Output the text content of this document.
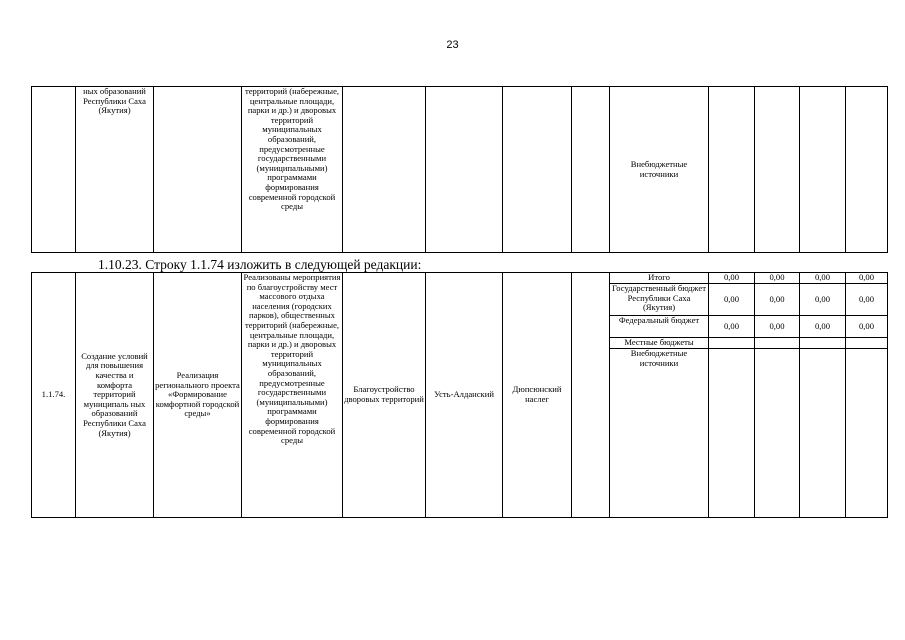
23
	ных образований Республики Саха (Якутия)		территорий (набережные, центральные площади, парки и др.) и дворовых территорий муниципальных образований, предусмотренные государственными (муниципальными) программами формирования современной городской среды					Внебюджетные источники				
1.10.23. Строку 1.1.74 изложить в следующей редакции:
1.1.74.	Создание условий для повышения качества и комфорта территорий муниципаль ных образований Республики Саха (Якутия)	Реализация регионального проекта «Формирование комфортной городской среды»	Реализованы мероприятия по благоустройству мест массового отдыха населения (городских парков), общественных территорий (набережные, центральные площади, парки и др.) и дворовых территорий муниципальных образований, предусмотренные государственными (муниципальными) программами формирования современной городской среды	Благоустройство дворовых территорий	Усть-Алданский	Дюпсюнский наслег		Итого	0,00	0,00	0,00	0,00
								Государственный бюджет Республики Саха (Якутия)	0,00	0,00	0,00	0,00
								Федеральный бюджет	0,00	0,00	0,00	0,00
								Местные бюджеты				
								Внебюджетные источники				
